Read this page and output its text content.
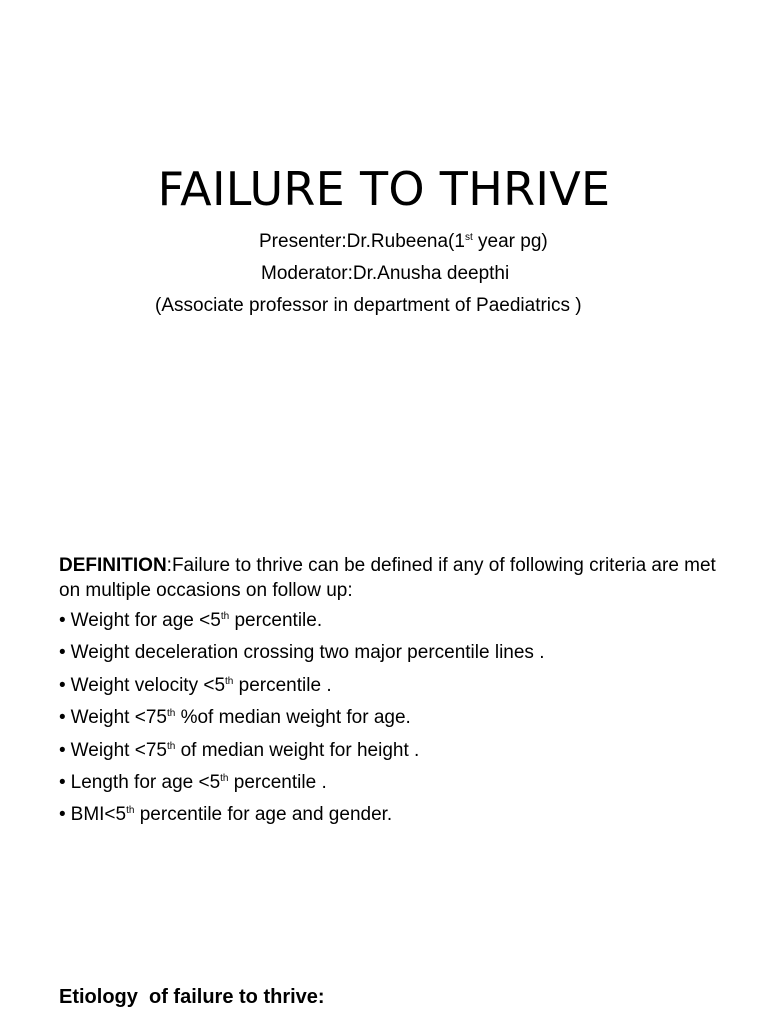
FAILURE TO THRIVE
Presenter:Dr.Rubeena(1st year pg)
Moderator:Dr.Anusha deepthi
(Associate professor in department of Paediatrics )
DEFINITION:Failure to thrive can be defined if any of following criteria are met on multiple occasions on follow up:
• Weight for age <5th percentile.
• Weight deceleration crossing two major percentile lines .
• Weight velocity <5th percentile .
• Weight <75th %of median weight for age.
• Weight <75th of median weight for height .
• Length for age <5th percentile .
• BMI<5th percentile for age and gender.
Etiology  of failure to thrive:
